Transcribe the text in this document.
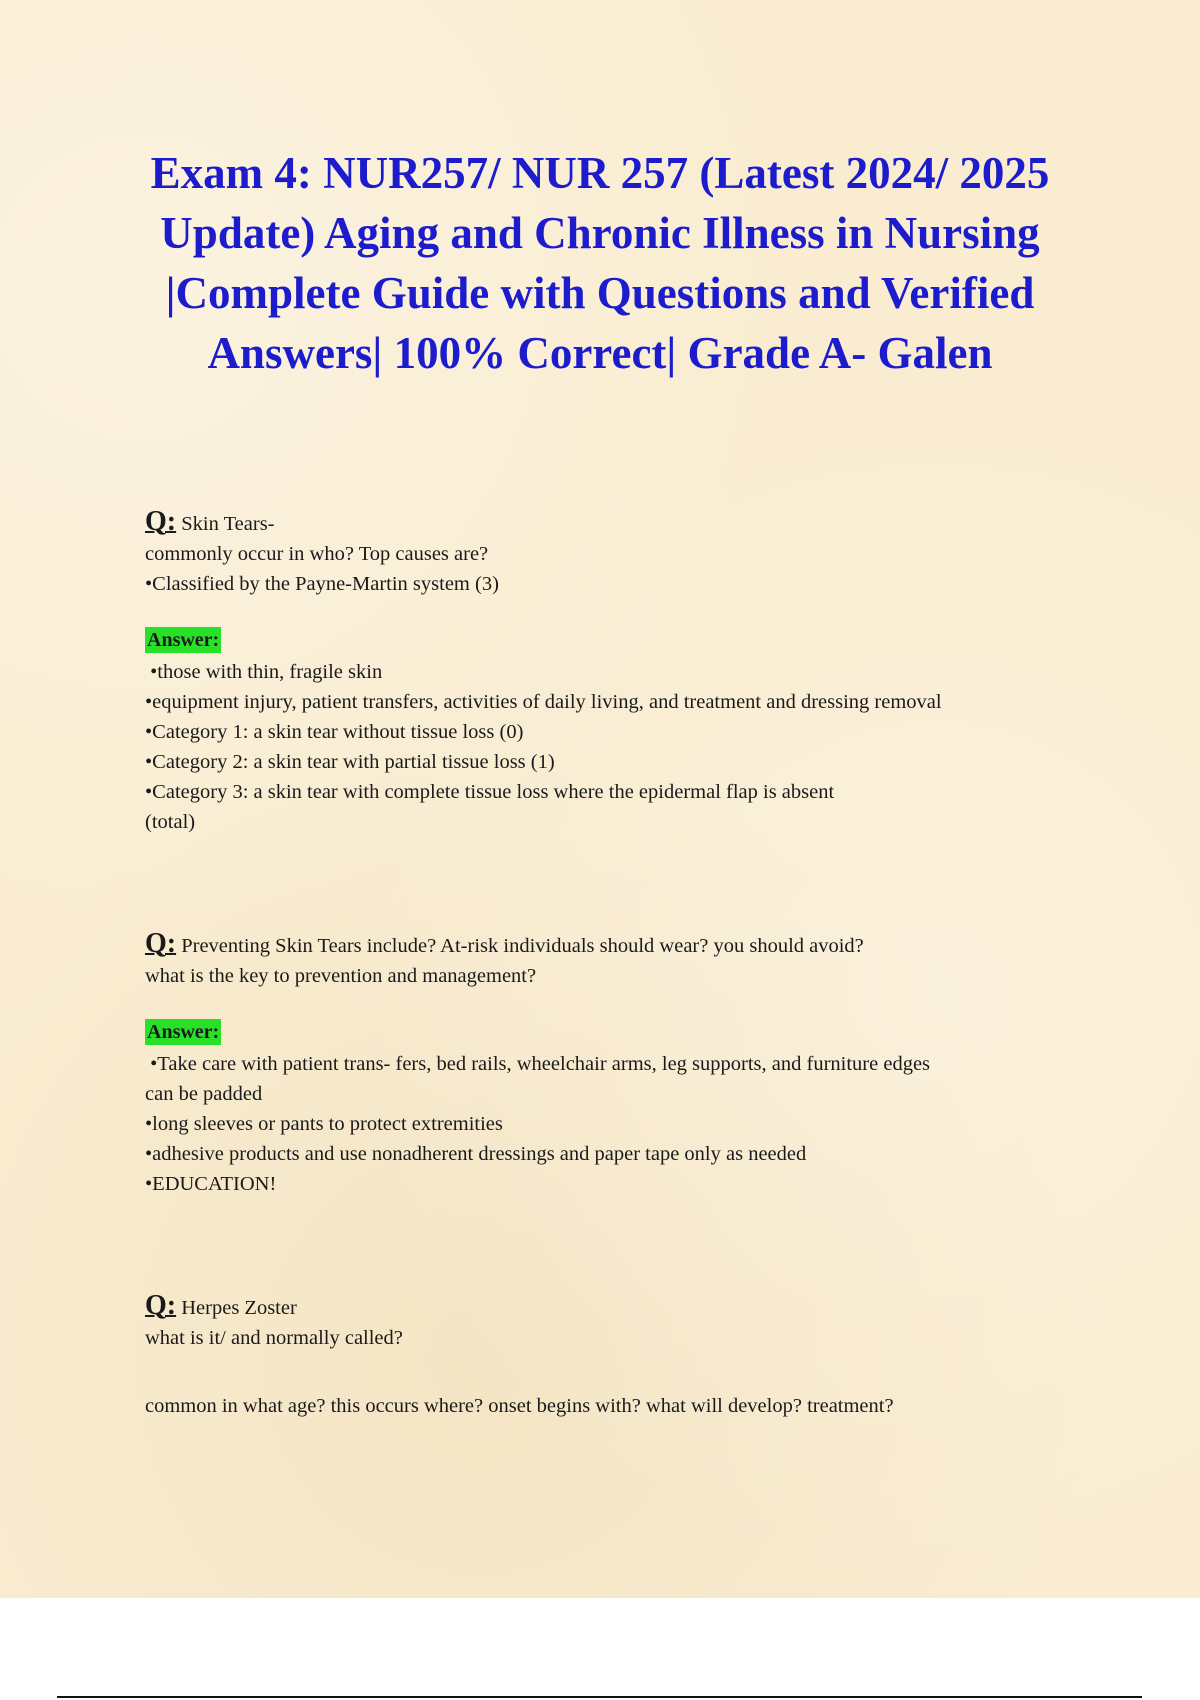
Exam 4: NUR257/ NUR 257 (Latest 2024/ 2025 Update) Aging and Chronic Illness in Nursing |Complete Guide with Questions and Verified Answers| 100% Correct| Grade A- Galen
Q: Skin Tears-
commonly occur in who? Top causes are?
•Classified by the Payne-Martin system (3)
Answer:
•those with thin, fragile skin
•equipment injury, patient transfers, activities of daily living, and treatment and dressing removal
•Category 1: a skin tear without tissue loss (0)
•Category 2: a skin tear with partial tissue loss (1)
•Category 3: a skin tear with complete tissue loss where the epidermal flap is absent
(total)
Q: Preventing Skin Tears include? At-risk individuals should wear? you should avoid?
what is the key to prevention and management?
Answer:
•Take care with patient trans- fers, bed rails, wheelchair arms, leg supports, and furniture edges
can be padded
•long sleeves or pants to protect extremities
•adhesive products and use nonadherent dressings and paper tape only as needed
•EDUCATION!
Q: Herpes Zoster
what is it/ and normally called?
common in what age? this occurs where? onset begins with? what will develop? treatment?
